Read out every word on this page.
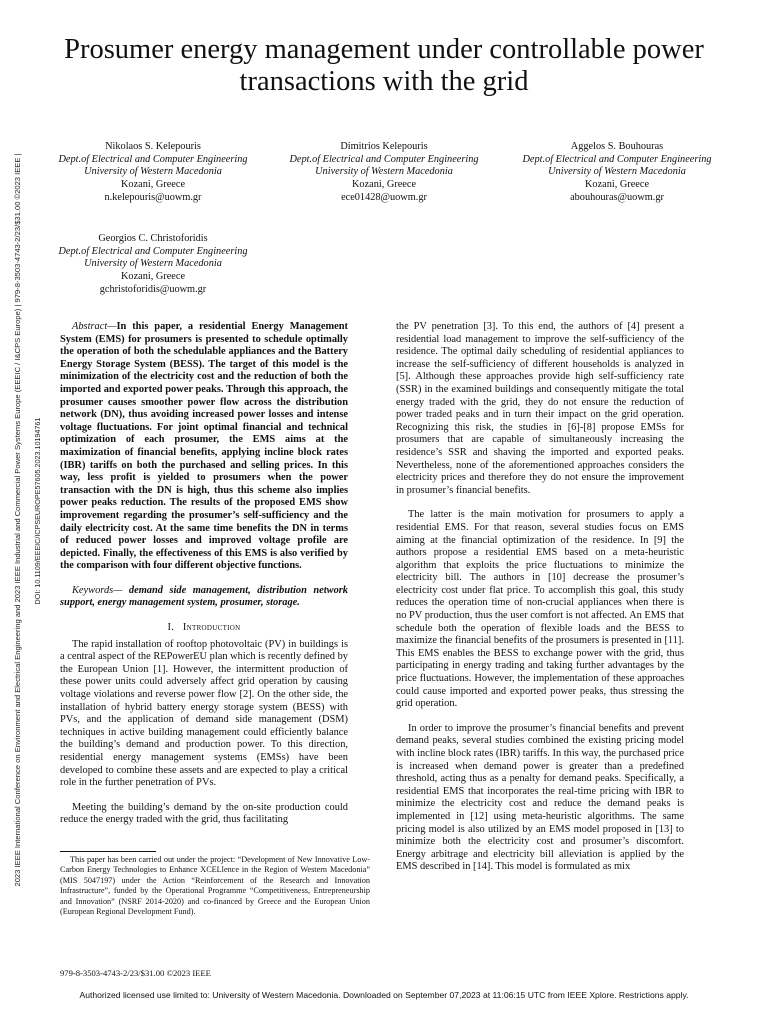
2023 IEEE International Conference on Environment and Electrical Engineering and 2023 IEEE Industrial and Commercial Power Systems Europe (EEEIC / I&CPS Europe) | 979-8-3503-4743-2/23/$31.00 ©2023 IEEE |	DOI: 10.1109/EEEIC/ICPSEUROPE57605.2023.10194761
Prosumer energy management under controllable power transactions with the grid
Nikolaos S. Kelepouris
Dept.of Electrical and Computer Engineering
University of Western Macedonia
Kozani, Greece
n.kelepouris@uowm.gr
Dimitrios Kelepouris
Dept.of Electrical and Computer Engineering
University of Western Macedonia
Kozani, Greece
ece01428@uowm.gr
Aggelos S. Bouhouras
Dept.of Electrical and Computer Engineering
University of Western Macedonia
Kozani, Greece
abouhouras@uowm.gr
Georgios C. Christoforidis
Dept.of Electrical and Computer Engineering
University of Western Macedonia
Kozani, Greece
gchristoforidis@uowm.gr

Abstract—In this paper, a residential Energy Management System (EMS) for prosumers is presented to schedule optimally the operation of both the schedulable appliances and the Battery Energy Storage System (BESS). The target of this model is the minimization of the electricity cost and the reduction of both the imported and exported power peaks. Through this approach, the prosumer causes smoother power flow across the distribution network (DN), thus avoiding increased power losses and intense voltage fluctuations. For joint optimal financial and technical optimization of each prosumer, the EMS aims at the maximization of financial benefits, applying incline block rates (IBR) tariffs on both the purchased and selling prices. In this way, less profit is yielded to prosumers when the power transaction with the DN is high, thus this scheme also implies power peaks reduction. The results of the proposed EMS show improvement regarding the prosumer’s self-sufficiency and the daily electricity cost. At the same time benefits the DN in terms of reduced power losses and improved voltage profile are depicted. Finally, the effectiveness of this EMS is also verified by the comparison with four different objective functions.

Keywords— demand side management, distribution network support, energy management system, prosumer, storage.

I. Introduction

The rapid installation of rooftop photovoltaic (PV) in buildings is a central aspect of the REPowerEU plan which is recently defined by the European Union [1]. However, the intermittent production of these power units could adversely affect grid operation by causing voltage violations and reverse power flow [2]. On the other side, the installation of hybrid battery energy storage system (BESS) with PVs, and the application of demand side management (DSM) techniques in active building management could efficiently balance the building’s demand and production power. To this direction, residential energy management systems (EMSs) have been developed to combine these assets and are expected to play a critical role in the further penetration of PVs.

Meeting the building’s demand by the on-site production could reduce the energy traded with the grid, thus facilitating

the PV penetration [3]. To this end, the authors of [4] present a residential load management to improve the self-sufficiency of the residence. The optimal daily scheduling of residential appliances to increase the self-sufficiency of different households is analyzed in [5]. Although these approaches provide high self-sufficiency rate (SSR) in the examined buildings and consequently mitigate the total energy traded with the grid, they do not ensure the reduction of power traded peaks and in turn their impact on the grid operation. Recognizing this risk, the studies in [6]-[8] propose EMSs for prosumers that are capable of simultaneously increasing the residence’s SSR and shaving the imported and exported peaks. Nevertheless, none of the aforementioned approaches considers the electricity prices and therefore they do not ensure the improvement in prosumer’s financial benefits.

The latter is the main motivation for prosumers to apply a residential EMS. For that reason, several studies focus on EMS aiming at the financial optimization of the residence. In [9] the authors propose a residential EMS based on a meta-heuristic algorithm that exploits the price fluctuations to minimize the electricity bill. The authors in [10] decrease the prosumer’s electricity cost under flat price. To accomplish this goal, this study reduces the operation time of non-crucial appliances when there is no PV production, thus the user comfort is not affected. An EMS that schedule both the operation of flexible loads and the BESS to maximize the financial benefits of the prosumers is presented in [11]. This EMS enables the BESS to exchange power with the grid, thus participating in energy trading and taking further advantages by the price fluctuations. However, the implementation of these approaches could cause imported and exported power peaks, thus stressing the grid operation.

In order to improve the prosumer’s financial benefits and prevent demand peaks, several studies combined the existing pricing model with incline block rates (IBR) tariffs. In this way, the purchased price is increased when demand power is greater than a predefined threshold, acting thus as a penalty for demand peaks. Specifically, a residential EMS that incorporates the real-time pricing with IBR to minimize the electricity cost and reduce the demand peaks is implemented in [12] using meta-heuristic algorithms. The same pricing model is also utilized by an EMS model proposed in [13] to minimize both the electricity cost and prosumer’s discomfort. Energy arbitrage and electricity bill alleviation is applied by the EMS described in [14]. This model is formulated as mix

This paper has been carried out under the project: “Development of New Innovative Low-Carbon Energy Technologies to Enhance XCELlence in the Region of Western Macedonia” (MIS 5047197) under the Action “Reinforcement of the Research and Innovation Infrastructure”, funded by the Operational Programme “Competitiveness, Entrepreneurship and Innovation” (NSRF 2014-2020) and co-financed by Greece and the European Union (European Regional Development Fund).
979-8-3503-4743-2/23/$31.00 ©2023 IEEE
Authorized licensed use limited to: University of Western Macedonia. Downloaded on September 07,2023 at 11:06:15 UTC from IEEE Xplore. Restrictions apply.
